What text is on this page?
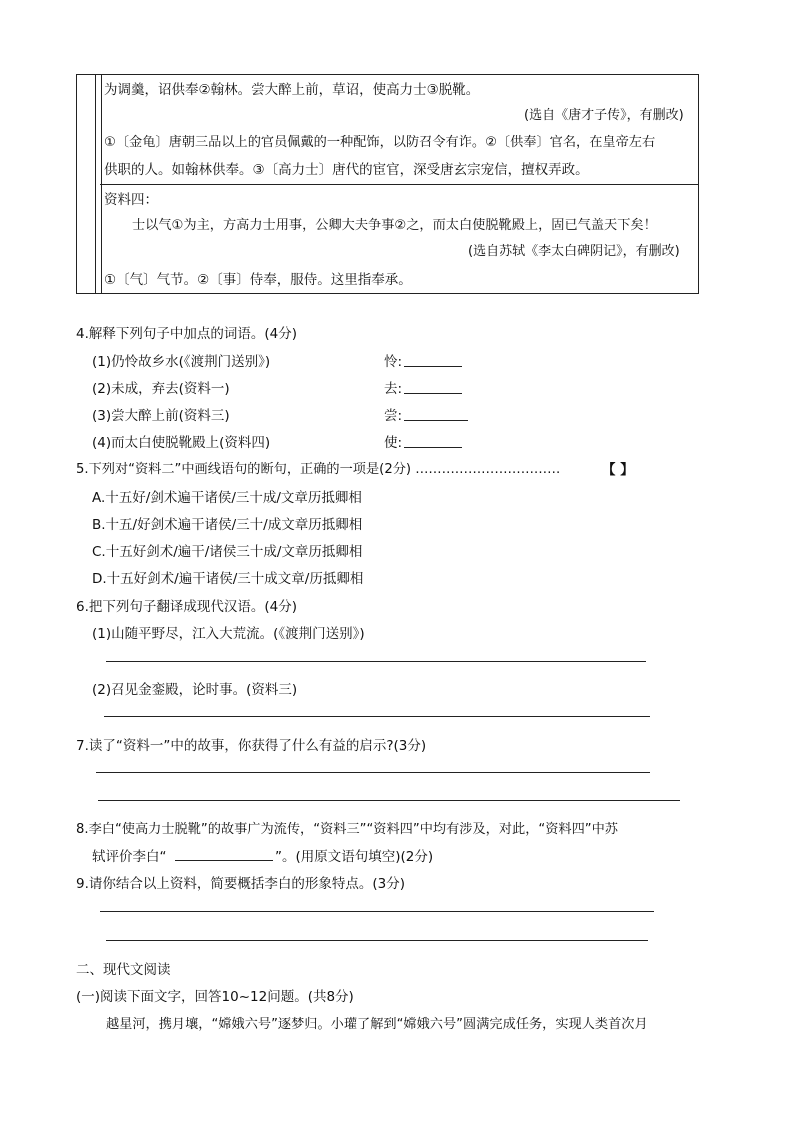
为调羹，诏供奉②翰林。尝大醉上前，草诏，使高力士③脱靴。
(选自《唐才子传》，有删改)
①〔金龟〕唐朝三品以上的官员佩戴的一种配饰，以防召令有诈。②〔供奉〕官名，在皇帝左右
供职的人。如翰林供奉。③〔高力士〕唐代的宦官，深受唐玄宗宠信，擅权弄政。
资料四：
士以气①为主，方高力士用事，公卿大夫争事②之，而太白使脱靴殿上，固已气盖天下矣！
(选自苏轼《李太白碑阴记》，有删改)
①〔气〕气节。②〔事〕侍奉，服侍。这里指奉承。
4.解释下列句子中加点的词语。(4分)
(1)仍怜故乡水(《渡荆门送别》)	怜:
(2)未成，弃去(资料一)	去:
(3)尝大醉上前(资料三)	尝:
(4)而太白使脱靴殿上(资料四)	使:
5.下列对“资料二”中画线语句的断句，正确的一项是(2分) ……………………………	【 】
A.十五好/剑术遍干诸侯/三十成/文章历抵卿相
B.十五/好剑术遍干诸侯/三十/成文章历抵卿相
C.十五好剑术/遍干/诸侯三十成/文章历抵卿相
D.十五好剑术/遍干诸侯/三十成文章/历抵卿相
6.把下列句子翻译成现代汉语。(4分)
(1)山随平野尽，江入大荒流。(《渡荆门送别》)
(2)召见金銮殿，论时事。(资料三)
7.读了“资料一”中的故事，你获得了什么有益的启示?(3分)
8.李白“使高力士脱靴”的故事广为流传，“资料三”“资料四”中均有涉及，对此，“资料四”中苏
轼评价李白“	”。(用原文语句填空)(2分)
9.请你结合以上资料，简要概括李白的形象特点。(3分)
二、现代文阅读
(一)阅读下面文字，回答10~12问题。(共8分)
越星河，携月壤，“嫦娥六号”逐梦归。小瓘了解到“嫦娥六号”圆满完成任务，实现人类首次月
